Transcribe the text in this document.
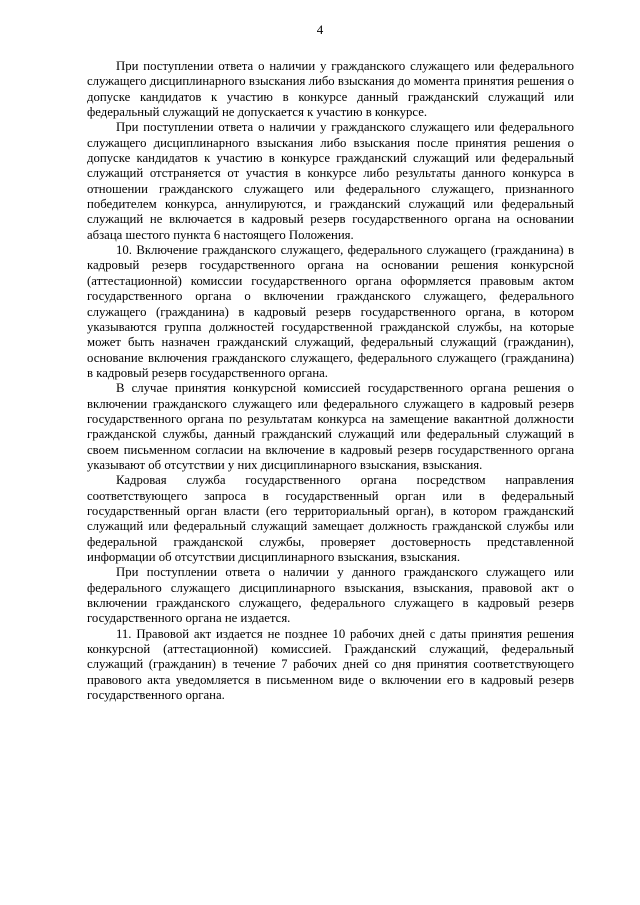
4

При поступлении ответа о наличии у гражданского служащего или федерального служащего дисциплинарного взыскания либо взыскания до момента принятия решения о допуске кандидатов к участию в конкурсе данный гражданский служащий или федеральный служащий не допускается к участию в конкурсе.

При поступлении ответа о наличии у гражданского служащего или федерального служащего дисциплинарного взыскания либо взыскания после принятия решения о допуске кандидатов к участию в конкурсе гражданский служащий или федеральный служащий отстраняется от участия в конкурсе либо результаты данного конкурса в отношении гражданского служащего или федерального служащего, признанного победителем конкурса, аннулируются, и гражданский служащий или федеральный служащий не включается в кадровый резерв государственного органа на основании абзаца шестого пункта 6 настоящего Положения.

10. Включение гражданского служащего, федерального служащего (гражданина) в кадровый резерв государственного органа на основании решения конкурсной (аттестационной) комиссии государственного органа оформляется правовым актом государственного органа о включении гражданского служащего, федерального служащего (гражданина) в кадровый резерв государственного органа, в котором указываются группа должностей государственной гражданской службы, на которые может быть назначен гражданский служащий, федеральный служащий (гражданин), основание включения гражданского служащего, федерального служащего (гражданина) в кадровый резерв государственного органа.

В случае принятия конкурсной комиссией государственного органа решения о включении гражданского служащего или федерального служащего в кадровый резерв государственного органа по результатам конкурса на замещение вакантной должности гражданской службы, данный гражданский служащий или федеральный служащий в своем письменном согласии на включение в кадровый резерв государственного органа указывают об отсутствии у них дисциплинарного взыскания, взыскания.

Кадровая служба государственного органа посредством направления соответствующего запроса в государственный орган или в федеральный государственный орган власти (его территориальный орган), в котором гражданский служащий или федеральный служащий замещает должность гражданской службы или федеральной гражданской службы, проверяет достоверность представленной информации об отсутствии дисциплинарного взыскания, взыскания.

При поступлении ответа о наличии у данного гражданского служащего или федерального служащего дисциплинарного взыскания, взыскания, правовой акт о включении гражданского служащего, федерального служащего в кадровый резерв государственного органа не издается.

11. Правовой акт издается не позднее 10 рабочих дней с даты принятия решения конкурсной (аттестационной) комиссией. Гражданский служащий, федеральный служащий (гражданин) в течение 7 рабочих дней со дня принятия соответствующего правового акта уведомляется в письменном виде о включении его в кадровый резерв государственного органа.
